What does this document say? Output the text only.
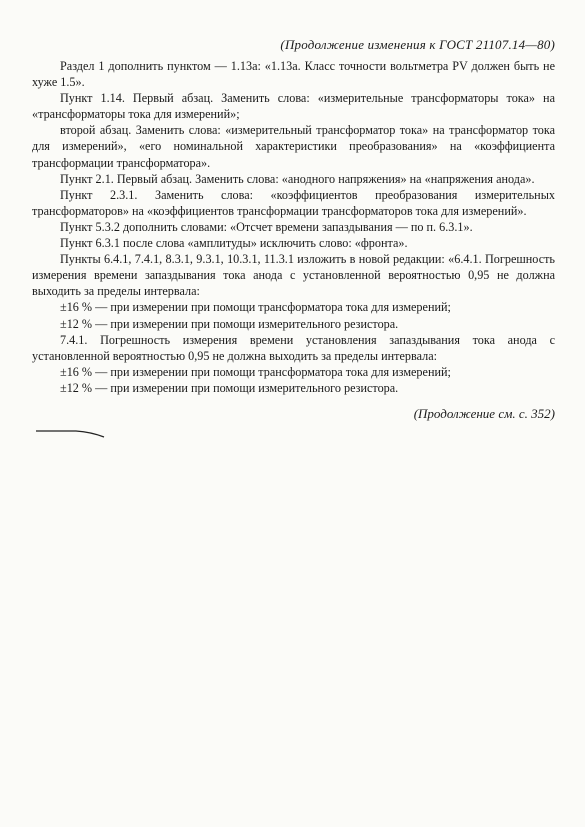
(Продолжение изменения к ГОСТ 21107.14—80)

Раздел 1 дополнить пунктом — 1.13а: «1.13а. Класс точности вольтметра PV должен быть не хуже 1.5».

Пункт 1.14. Первый абзац. Заменить слова: «измерительные трансформаторы тока» на «трансформаторы тока для измерений»;

второй абзац. Заменить слова: «измерительный трансформатор тока» на трансформатор тока для измерений», «его номинальной характеристики преобразования» на «коэффициента трансформации трансформатора».

Пункт 2.1. Первый абзац. Заменить слова: «анодного напряжения» на «напряжения анода».

Пункт 2.3.1. Заменить слова: «коэффициентов преобразования измерительных трансформаторов» на «коэффициентов трансформации трансформаторов тока для измерений».

Пункт 5.3.2 дополнить словами: «Отсчет времени запаздывания — по п. 6.3.1».

Пункт 6.3.1 после слова «амплитуды» исключить слово: «фронта».

Пункты 6.4.1, 7.4.1, 8.3.1, 9.3.1, 10.3.1, 11.3.1 изложить в новой редакции: «6.4.1. Погрешность измерения времени запаздывания тока анода с установленной вероятностью 0,95 не должна выходить за пределы интервала:

±16 % — при измерении при помощи трансформатора тока для измерений;

±12 % — при измерении при помощи измерительного резистора.

7.4.1. Погрешность измерения времени установления запаздывания тока анода с установленной вероятностью 0,95 не должна выходить за пределы интервала:

±16 % — при измерении при помощи трансформатора тока для измерений;

±12 % — при измерении при помощи измерительного резистора.

(Продолжение см. с. 352)
